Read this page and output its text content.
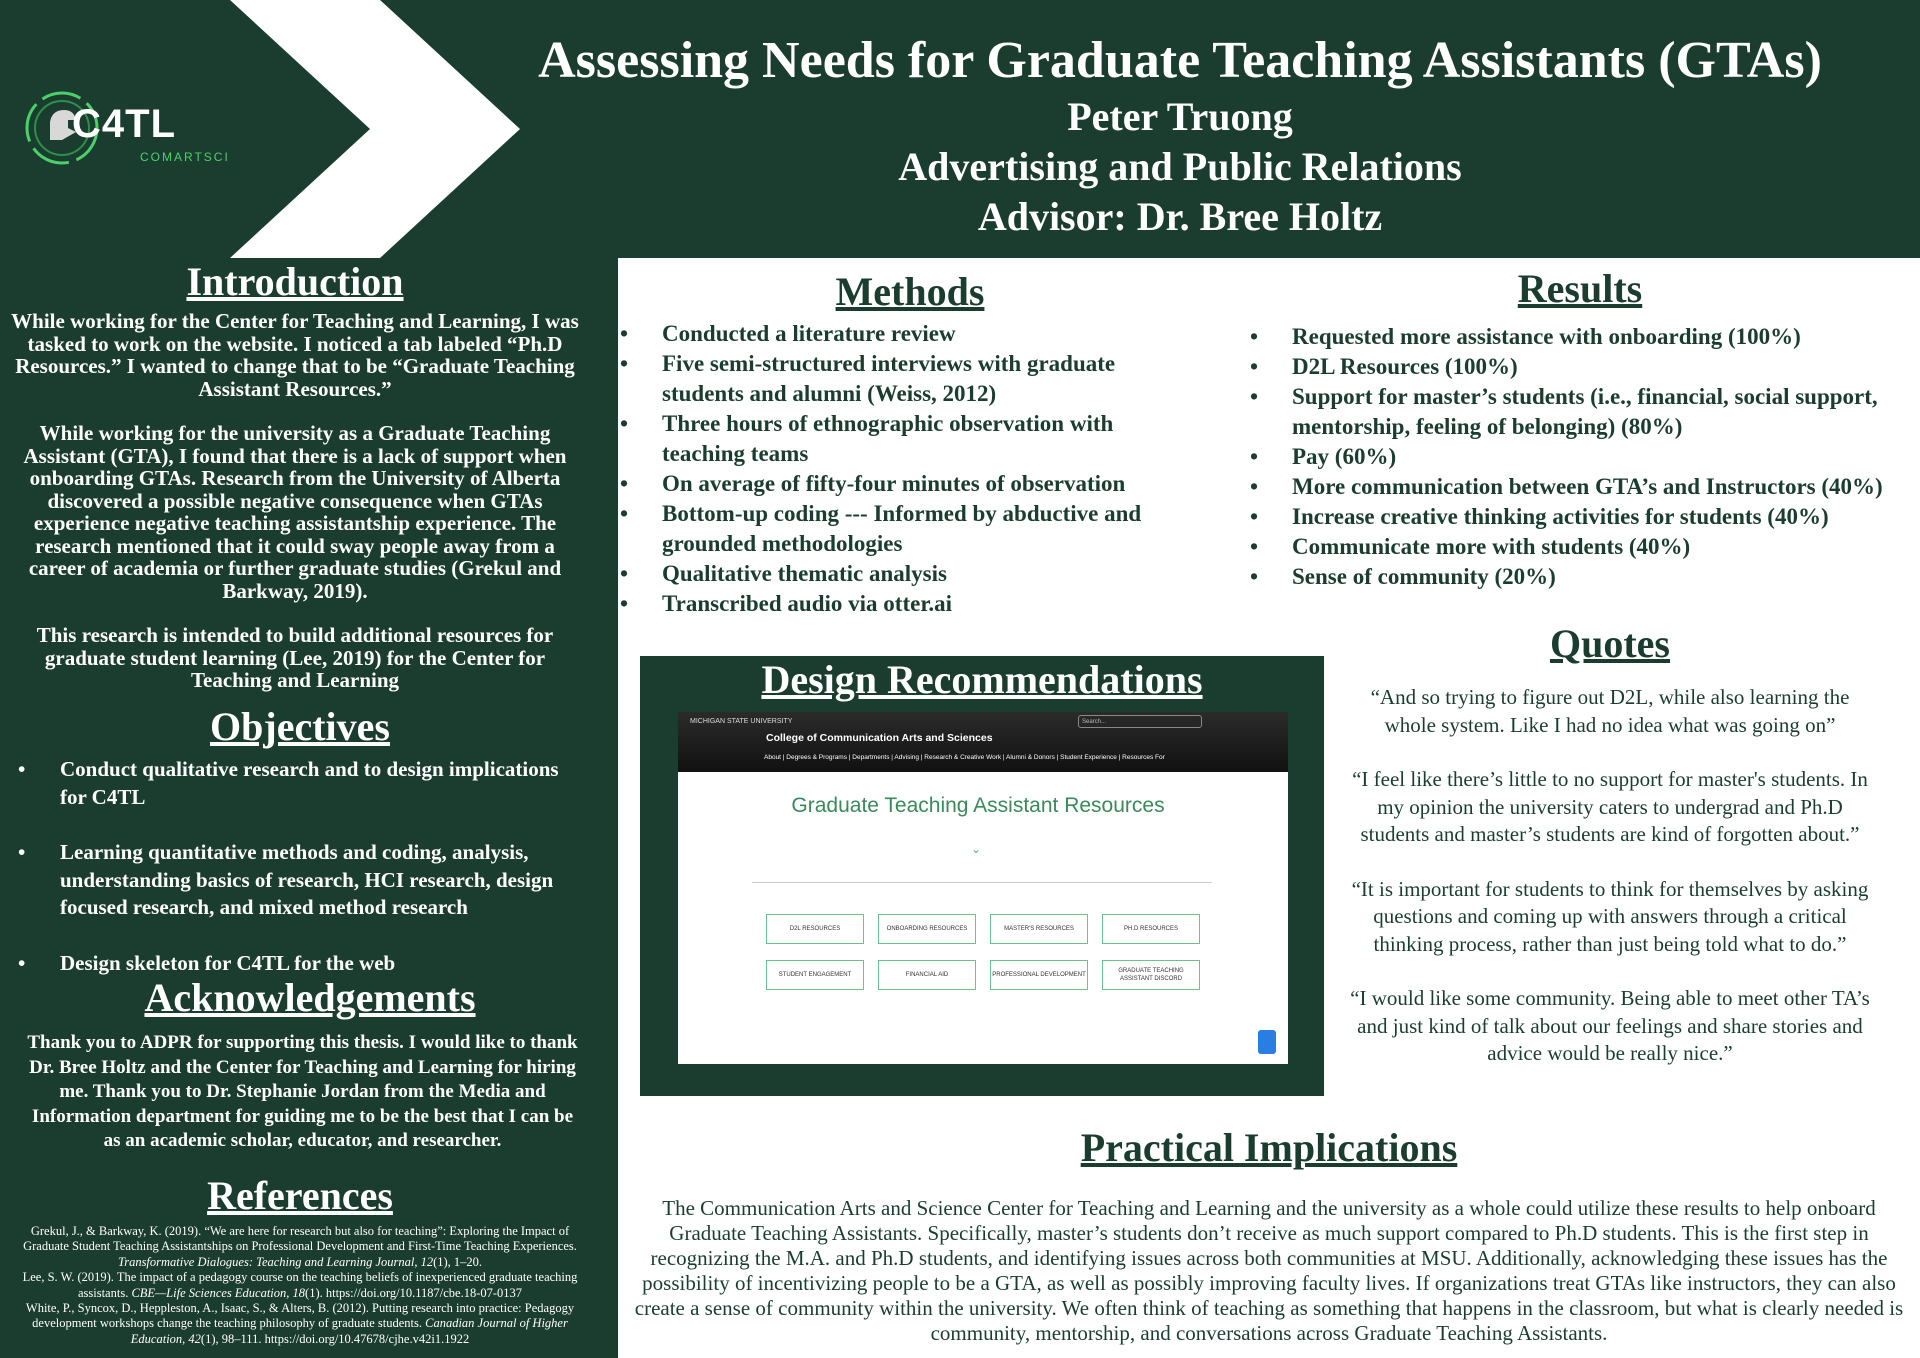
C4TL
COMARTSCI
Assessing Needs for Graduate Teaching Assistants (GTAs)
Peter Truong
Advertising and Public Relations
Advisor: Dr. Bree Holtz
Introduction
While working for the Center for Teaching and Learning, I was tasked to work on the website. I noticed a tab labeled “Ph.D Resources.” I wanted to change that to be “Graduate Teaching Assistant Resources.”
While working for the university as a Graduate Teaching Assistant (GTA), I found that there is a lack of support when onboarding GTAs. Research from the University of Alberta discovered a possible negative consequence when GTAs experience negative teaching assistantship experience. The research mentioned that it could sway people away from a career of academia or further graduate studies (Grekul and Barkway, 2019).
This research is intended to build additional resources for graduate student learning (Lee, 2019) for the Center for Teaching and Learning
Objectives
• Conduct qualitative research and to design implications for C4TL
• Learning quantitative methods and coding, analysis, understanding basics of research, HCI research, design focused research, and mixed method research
• Design skeleton for C4TL for the web
Acknowledgements
Thank you to ADPR for supporting this thesis. I would like to thank Dr. Bree Holtz and the Center for Teaching and Learning for hiring me. Thank you to Dr. Stephanie Jordan from the Media and Information department for guiding me to be the best that I can be as an academic scholar, educator, and researcher.
References

Grekul, J., & Barkway, K. (2019). “We are here for research but also for teaching”: Exploring the Impact of Graduate Student Teaching Assistantships on Professional Development and First-Time Teaching Experiences. Transformative Dialogues: Teaching and Learning Journal, 12(1), 1–20.

Lee, S. W. (2019). The impact of a pedagogy course on the teaching beliefs of inexperienced graduate teaching assistants. CBE—Life Sciences Education, 18(1). https://doi.org/10.1187/cbe.18-07-0137

White, P., Syncox, D., Heppleston, A., Isaac, S., & Alters, B. (2012). Putting research into practice: Pedagogy development workshops change the teaching philosophy of graduate students. Canadian Journal of Higher Education, 42(1), 98–111. https://doi.org/10.47678/cjhe.v42i1.1922

Methods
• Conducted a literature review
• Five semi-structured interviews with graduate students and alumni (Weiss, 2012)
• Three hours of ethnographic observation with teaching teams
• On average of fifty-four minutes of observation
• Bottom-up coding --- Informed by abductive and grounded methodologies
• Qualitative thematic analysis
• Transcribed audio via otter.ai
Results
• Requested more assistance with onboarding (100%)
• D2L Resources (100%)
• Support for master’s students (i.e., financial, social support, mentorship, feeling of belonging) (80%)
• Pay (60%)
• More communication between GTA’s and Instructors (40%)
• Increase creative thinking activities for students (40%)
• Communicate more with students (40%)
• Sense of community (20%)
Quotes
“And so trying to figure out D2L, while also learning the whole system. Like I had no idea what was going on”
“I feel like there’s little to no support for master's students. In my opinion the university caters to undergrad and Ph.D students and master’s students are kind of forgotten about.”
“It is important for students to think for themselves by asking questions and coming up with answers through a critical thinking process, rather than just being told what to do.”
“I would like some community. Being able to meet other TA’s and just kind of talk about our feelings and share stories and advice would be really nice.”
Design Recommendations
MICHIGAN STATE UNIVERSITY	Search...
College of Communication Arts and Sciences
About | Degrees & Programs | Departments | Advising | Research & Creative Work | Alumni & Donors | Student Experience | Resources For
Graduate Teaching Assistant Resources
⌄
D2L RESOURCES	ONBOARDING RESOURCES	MASTER'S RESOURCES	PH.D RESOURCES
STUDENT ENGAGEMENT	FINANCIAL AID	PROFESSIONAL DEVELOPMENT
GRADUATE TEACHING ASSISTANT DISCORD
Practical Implications
The Communication Arts and Science Center for Teaching and Learning and the university as a whole could utilize these results to help onboard Graduate Teaching Assistants. Specifically, master’s students don’t receive as much support compared to Ph.D students. This is the first step in recognizing the M.A. and Ph.D students, and identifying issues across both communities at MSU. Additionally, acknowledging these issues has the possibility of incentivizing people to be a GTA, as well as possibly improving faculty lives. If organizations treat GTAs like instructors, they can also create a sense of community within the university. We often think of teaching as something that happens in the classroom, but what is clearly needed is community, mentorship, and conversations across Graduate Teaching Assistants.
